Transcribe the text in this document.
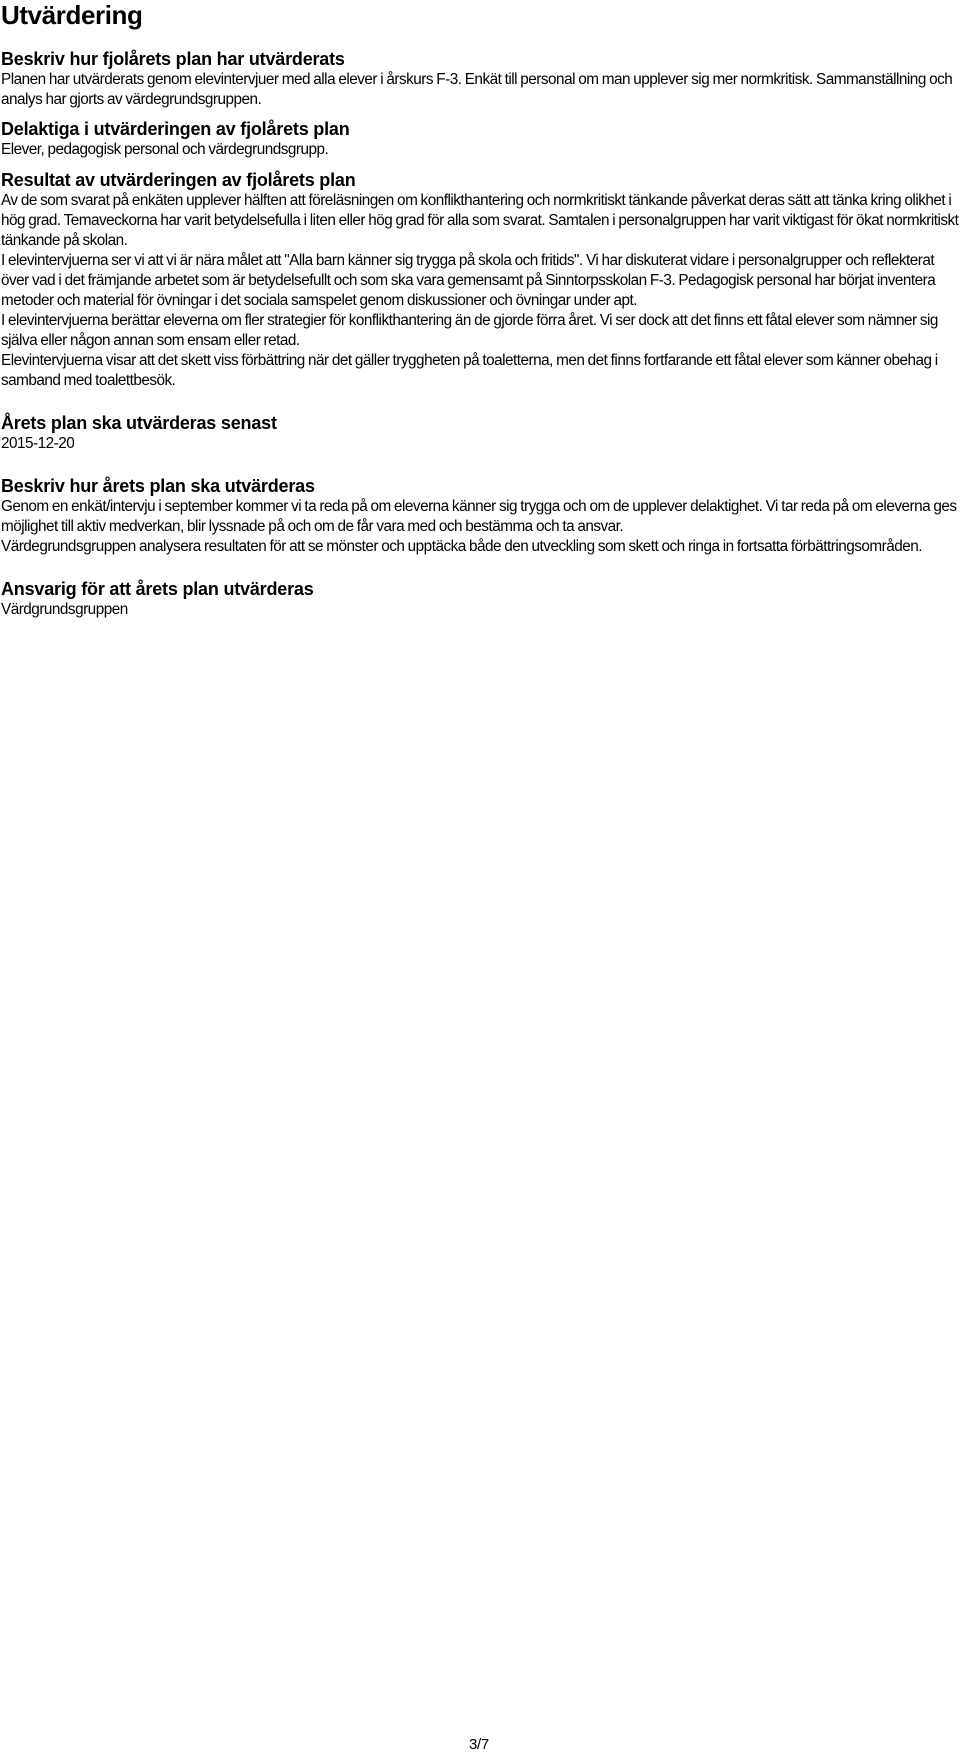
Utvärdering
Beskriv hur fjolårets plan har utvärderats

Planen har utvärderats genom elevintervjuer med alla elever i årskurs F-3. Enkät till personal om man upplever sig mer normkritisk. Sammanställning och analys har gjorts av värdegrundsgruppen.

Delaktiga i utvärderingen av fjolårets plan

Elever, pedagogisk personal och värdegrundsgrupp.

Resultat av utvärderingen av fjolårets plan

Av de som svarat på enkäten upplever hälften att föreläsningen om konflikthantering och normkritiskt tänkande påverkat deras sätt att tänka kring olikhet i hög grad. Temaveckorna har varit betydelsefulla i liten eller hög grad för alla som svarat. Samtalen i personalgruppen har varit viktigast för ökat normkritiskt tänkande på skolan.

I elevintervjuerna ser vi att vi är nära målet att "Alla barn känner sig trygga på skola och fritids". Vi har diskuterat vidare i personalgrupper och reflekterat över vad i det främjande arbetet som är betydelsefullt och som ska vara gemensamt på Sinntorpsskolan F-3. Pedagogisk personal har börjat inventera metoder och material för övningar i det sociala samspelet genom diskussioner och övningar under apt.

I elevintervjuerna berättar eleverna om fler strategier för konflikthantering än de gjorde förra året. Vi ser dock att det finns ett fåtal elever som nämner sig själva eller någon annan som ensam eller retad.

Elevintervjuerna visar att det skett viss förbättring när det gäller tryggheten på toaletterna, men det finns fortfarande ett fåtal elever som känner obehag i samband med toalettbesök.

Årets plan ska utvärderas senast

2015-12-20

Beskriv hur årets plan ska utvärderas

Genom en enkät/intervju i september kommer vi ta reda på om eleverna känner sig trygga och om de upplever delaktighet. Vi tar reda på om eleverna ges möjlighet till aktiv medverkan, blir lyssnade på och om de får vara med och bestämma och ta ansvar.

Värdegrundsgruppen analysera resultaten för att se mönster och upptäcka både den utveckling som skett och ringa in fortsatta förbättringsområden.

Ansvarig för att årets plan utvärderas

Värdgrundsgruppen

3/7
